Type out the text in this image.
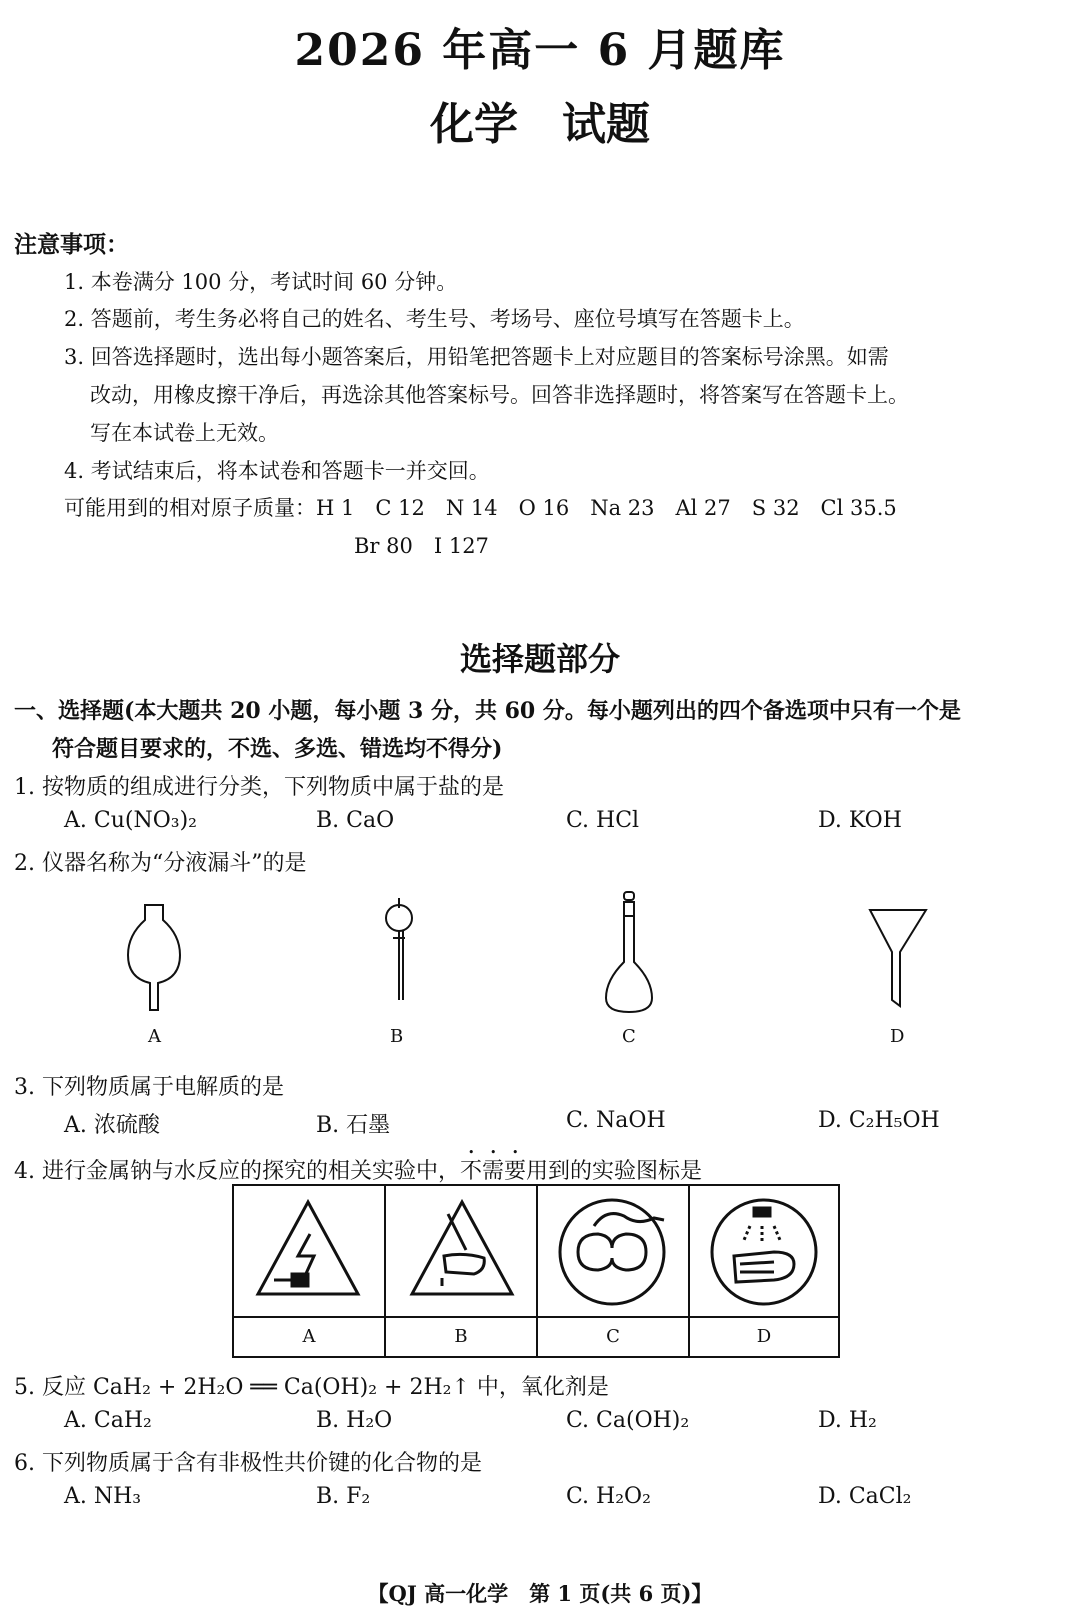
2026 年高一 6 月题库
化学　试题
注意事项：
1. 本卷满分 100 分，考试时间 60 分钟。
2. 答题前，考生务必将自己的姓名、考生号、考场号、座位号填写在答题卡上。
3. 回答选择题时，选出每小题答案后，用铅笔把答题卡上对应题目的答案标号涂黑。如需
改动，用橡皮擦干净后，再选涂其他答案标号。回答非选择题时，将答案写在答题卡上。
写在本试卷上无效。
4. 考试结束后，将本试卷和答题卡一并交回。
可能用到的相对原子质量：H 1　C 12　N 14　O 16　Na 23　Al 27　S 32　Cl 35.5
Br 80　I 127
选择题部分
一、选择题(本大题共 20 小题，每小题 3 分，共 60 分。每小题列出的四个备选项中只有一个是
符合题目要求的，不选、多选、错选均不得分)
1. 按物质的组成进行分类，下列物质中属于盐的是
A. Cu(NO₃)₂	B. CaO	C. HCl	D. KOH
2. 仪器名称为“分液漏斗”的是
A	B	C	D
3. 下列物质属于电解质的是
A. 浓硫酸	B. 石墨	C. NaOH	D. C₂H₅OH
4. 进行金属钠与水反应的探究的相关实验中，不需要用到的实验图标是
A	B	C	D
5. 反应 CaH₂ + 2H₂O ══ Ca(OH)₂ + 2H₂↑ 中，氧化剂是
A. CaH₂	B. H₂O	C. Ca(OH)₂	D. H₂
6. 下列物质属于含有非极性共价键的化合物的是
A. NH₃	B. F₂	C. H₂O₂	D. CaCl₂
【QJ 高一化学　第 1 页(共 6 页)】
